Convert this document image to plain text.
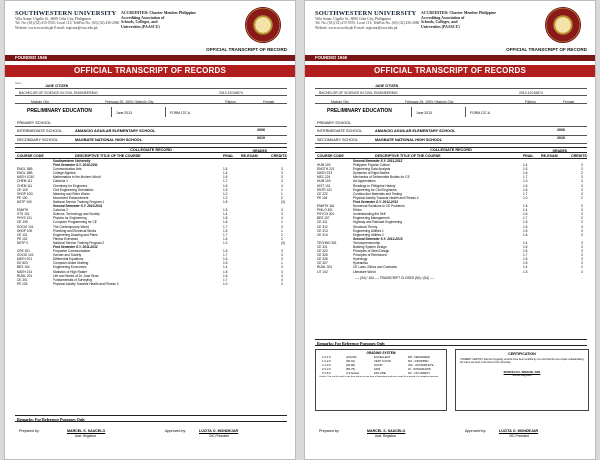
SOUTHWESTERN UNIVERSITY
Villa Aznar, Urgello St., 6000 Cebu City, Philippines
Tel. No. (63) (32) 415-5555; Local 113; TeleFax No. (63) (32) 256-2060
Website: www.swu.edu.ph E-mail: registrar@swu.edu.ph
ACCREDITED: Charter Member Philippine
Accrediting Association of
Schools, Colleges, and
Universities (PAASCU)
OFFICIAL TRANSCRIPT OF RECORD
FOUNDED 1946
OFFICIAL TRANSCRIPT OF RECORDS
Name
JANE CITIZEN
BACHELOR OF SCIENCE IN CIVIL ENGINEERING	2013-12016874
Mabolo City	February 25, 1993 / Mabolo City	Filipino	Female
PRELIMINARY EDUCATION	June 2013	FORM 137-A
PRIMARY SCHOOL
INTERMEDIATE SCHOOL	AMANCIO AGUILAR ELEMENTARY SCHOOL	2006
SECONDARY SCHOOL	MAGBATE NATIONAL HIGH SCHOOL	2010
COLLEGIATE RECORD	GRADES
COURSE CODE	DESCRIPTIVE TITLE OF THE COURSE	FINAL RE-EXAM	CREDITS
Southwestern University
First Semester S.Y. 2010-2011
ENGL 1BB	Communication Arts	1.5	3
ENGL 1BB	College Algebra	1.4	3
MATH 1D10	Mathematics in the Modern World	1.6	3
CHEM 111	Calculus 1	1.7	3
CHEM 111	Chemistry for Engineers	1.6	4
CE 100	Civil Engineering Orientation	1.5	2
SHOP 10G	Meaning and Rider Works	1.0	1
PE 100	Movement Enhancement	1.2	2
NSTP 100	National Service Training Program 1	1.8	(3)
Second Semester S.Y. 2010-2011
ENMTH	Calculus 2	1.5	3
STS 101	Science, Technology and Society	1.4	3
PHYS 121	Physics for Engineering	1.8	4
CE 105	Computer Programming for CE	1.6	2
SOCIO 101	The Contemporary World	1.7	3
SHOP 100	Plumbing and Electrical Works	1.5	1
CE 101	Engineering Drawing and Plans	1.7	2
PE 102	Fitness Exercises	1.6	2
NSTP 2	National Service Training Program 2	1.2	(3)
First Semester S.Y. 2011-2012
CRE 201	Purposive Communication	1.6	3
SOCIO 102	Gender and Society	1.7	3
MATH 201	Differential Equations	1.6	3
ED 503	Computer-Aided Drafting	1.5	1
BES 104	Engineering Economics	1.4	3
MATH 214	Statistics of High Raster	1.5	3
RIZAL 201	Life and Works of Dr. José Rizal	1.6	3
CE 201	Fundamentals of Surveying	1.7	4
PE 103	Physical Activity Towards Health and Fitness 3	1.0	2
Remarks: For Reference Purposes Only
Prepared by:	MARCEL S. SAUCELO
Asst. Registrar
Approved by:	LUCITA O. MONDEJAR
OIC President
SOUTHWESTERN UNIVERSITY
Villa Aznar, Urgello St., 6000 Cebu City, Philippines
Tel. No. (63) (32) 415-5555; Local 113; TeleFax No. (63) (32) 256-2060
Website: www.swu.edu.ph E-mail: registrar@swu.edu.ph
ACCREDITED: Charter Member Philippine
Accrediting Association of
Schools, Colleges, and
Universities (PAASCU)
OFFICIAL TRANSCRIPT OF RECORD
FOUNDED 1946
OFFICIAL TRANSCRIPT OF RECORDS
JANE CITIZEN
BACHELOR OF SCIENCE IN CIVIL ENGINEERING	2013-12016874
Mabolo City	February 25, 1993 / Mabolo City	Filipino	Female
PRELIMINARY EDUCATION	June 2013	FORM 137-A
PRIMARY SCHOOL
INTERMEDIATE SCHOOL	AMANCIO AGUILAR ELEMENTARY SCHOOL	2006
SECONDARY SCHOOL	MAGBATE NATIONAL HIGH SCHOOL	2010
COLLEGIATE RECORD	GRADES
COURSE CODE	DESCRIPTIVE TITLE OF THE COURSE	FINAL RE-EXAM	CREDITS
Second Semester S.Y. 2011-2012
HUM 100	Philippine Popular Culture	1.4	3
ENGTH 221	Engineering Data Analysis	1.5	3
MATH 223	Dynamics of Rigid Bodies	1.6	2
MEC 224	Mechanics of Deformable Bodies for CE	1.7	3
HUM 100	Art Appreciation	1.3	3
HIST 101	Readings in Philippine History	1.5	3
ENTR 101	Engineering for Civil Engineers	1.6	3
CE 222	Construction Materials and Testing	1.7	3
PE 104	Physical Activity Towards Health and Fitness 4	1.0	2
First Semester S.Y. 2012-2013
ENMTH 161	Numerical Solutions to CE Problems	1.5	3
PHILO 301	Ethics	1.4	3
PSYCH 301	Understanding the Self	1.6	3
BES 107	Engineering Management	1.7	2
CE 311	Highway and Railroad Engineering	1.5	3
CE 312	Structural Theory	1.6	4
CE 313	Engineering Utilities 1	1.5	3
CE 314	Engineering Utilities 2	1.6	3
Second Semester S.Y. 2012-2013
TECHNO 301	Technopreneurship	1.4	3
CE 321	Building System Design	1.5	3
CE 322	Principles of Steel Design	1.6	3
CE 325	Principles of Reinforced	1.7	3
CE 326	Hydrology	1.5	3
CE 327	Hydraulics	1.6	3
RIZAL 301	CE Laws, Ethics and Contracts	1.4	2
LIT 102	Literature World	1.5	3
---- (54) / 164 ---- TRANSCRIPT CLOSED (54) / (54) ----
Remarks: For Reference Purposes Only
GRADING SYSTEM
1.0-1.5	(100-96)	EXCELLENT	DR - DEFERRED
1.6-2.0	(95-91)	VERY GOOD	DO - DROPPED
2.1-2.5	(90-86)	GOOD	INC - INCOMPLETE
2.6-3.0	(85-75)	FAIR	W - WITHDRAWN
3.1-5.0	(74-below)	FAILURE	NC - NO CREDIT
Credits: One unit of credit is one hour lecture or one hour of laboratory work each week for a period of a complete semester.
CERTIFICATION
I HEREBY CERTIFY that the foregoing records have been verified by me and that the true copies substantiating the same are kept in the files of the University.
MARCELO F. SIMACIE, DPA
School Registrar
Prepared by:	MARCEL S. SAUCELO
Asst. Registrar
Approved by:	LUCITA O. MONDEJAR
OIC President
